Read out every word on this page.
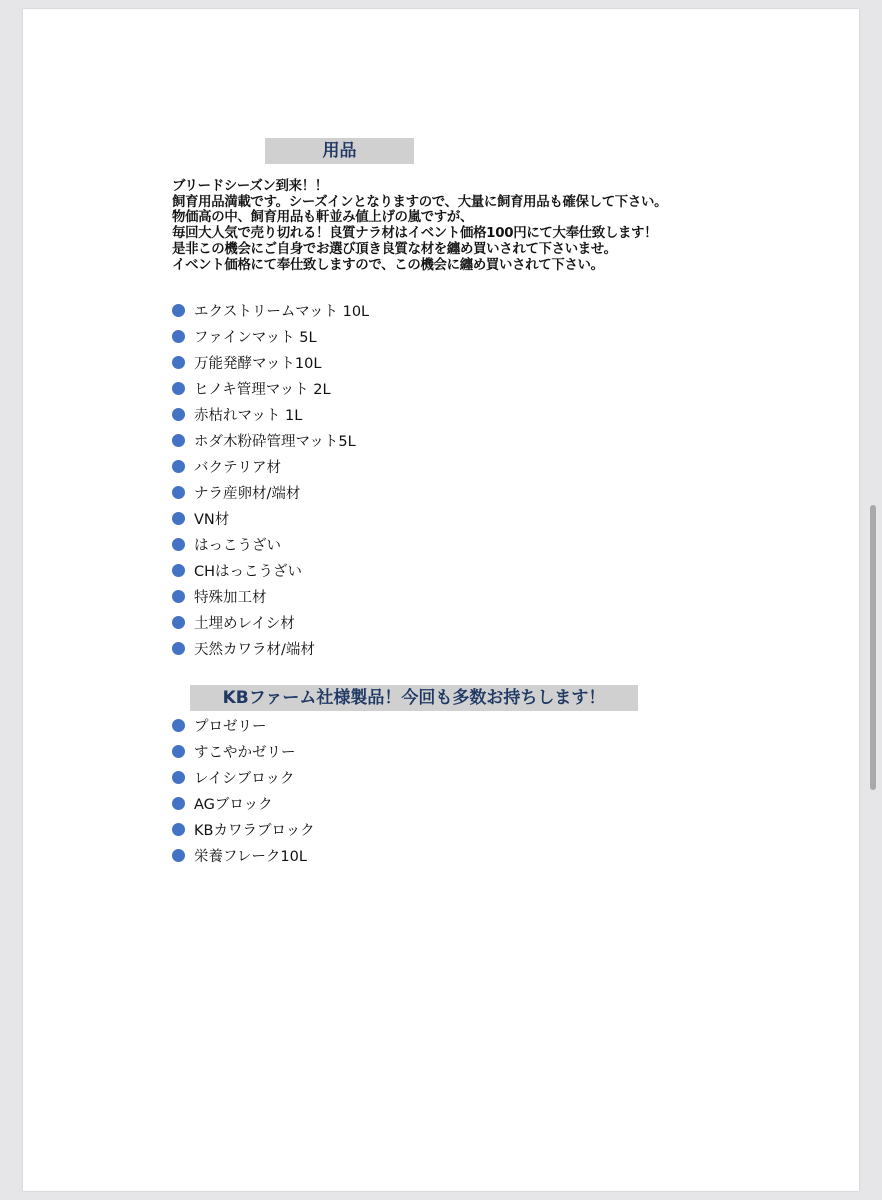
用品
ブリードシーズン到来！！
飼育用品満載です。シーズインとなりますので、大量に飼育用品も確保して下さい。
物価高の中、飼育用品も軒並み値上げの嵐ですが、
毎回大人気で売り切れる！良質ナラ材はイベント価格100円にて大奉仕致します！
是非この機会にご自身でお選び頂き良質な材を纏め買いされて下さいませ。
イベント価格にて奉仕致しますので、この機会に纏め買いされて下さい。
エクストリームマット 10L
ファインマット 5L
万能発酵マット10L
ヒノキ管理マット 2L
赤枯れマット 1L
ホダ木粉砕管理マット5L
バクテリア材
ナラ産卵材/端材
VN材
はっこうざい
CHはっこうざい
特殊加工材
土埋めレイシ材
天然カワラ材/端材
KBファーム社様製品！今回も多数お持ちします！
プロゼリー
すこやかゼリー
レイシブロック
AGブロック
KBカワラブロック
栄養フレーク10L
